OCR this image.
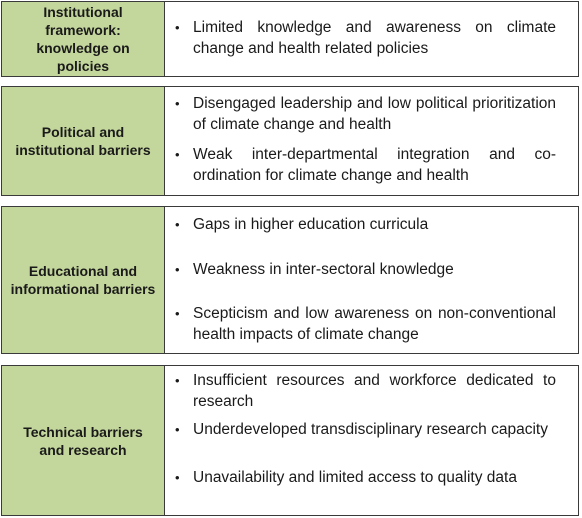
Institutional
framework:
knowledge on
policies
• Limited knowledge and awareness on climate change and health related policies
Political and
institutional barriers
• Disengaged leadership and low political prioritization of climate change and health
• Weak inter-departmental integration and co-ordination for climate change and health
Educational and
informational barriers
• Gaps in higher education curricula
• Weakness in inter-sectoral knowledge
• Scepticism and low awareness on non-conventional health impacts of climate change
Technical barriers
and research
• Insufficient resources and workforce dedicated to research
• Underdeveloped transdisciplinary research capacity
• Unavailability and limited access to quality data
